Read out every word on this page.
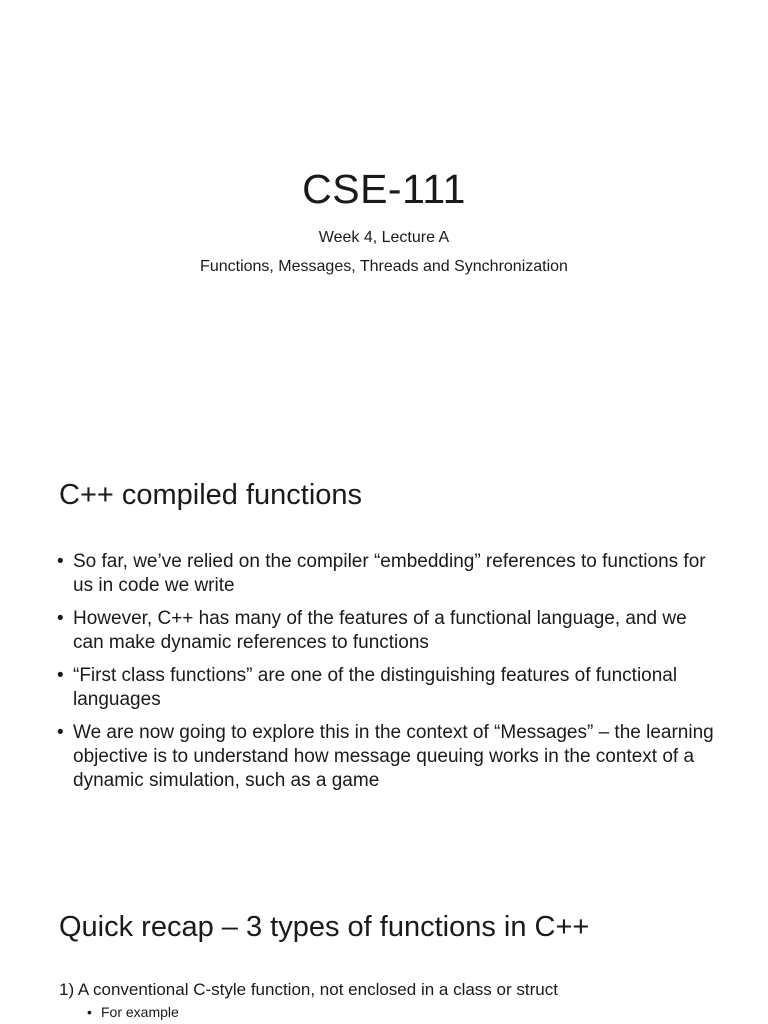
CSE-111

Week 4, Lecture A

Functions, Messages, Threads and Synchronization

C++ compiled functions
• So far, we’ve relied on the compiler “embedding” references to functions for us in code we write
• However, C++ has many of the features of a functional language, and we can make dynamic references to functions
• “First class functions” are one of the distinguishing features of functional languages
• We are now going to explore this in the context of “Messages” – the learning objective is to understand how message queuing works in the context of a dynamic simulation, such as a game
Quick recap – 3 types of functions in C++

1) A conventional C-style function, not enclosed in a class or struct

• For example
